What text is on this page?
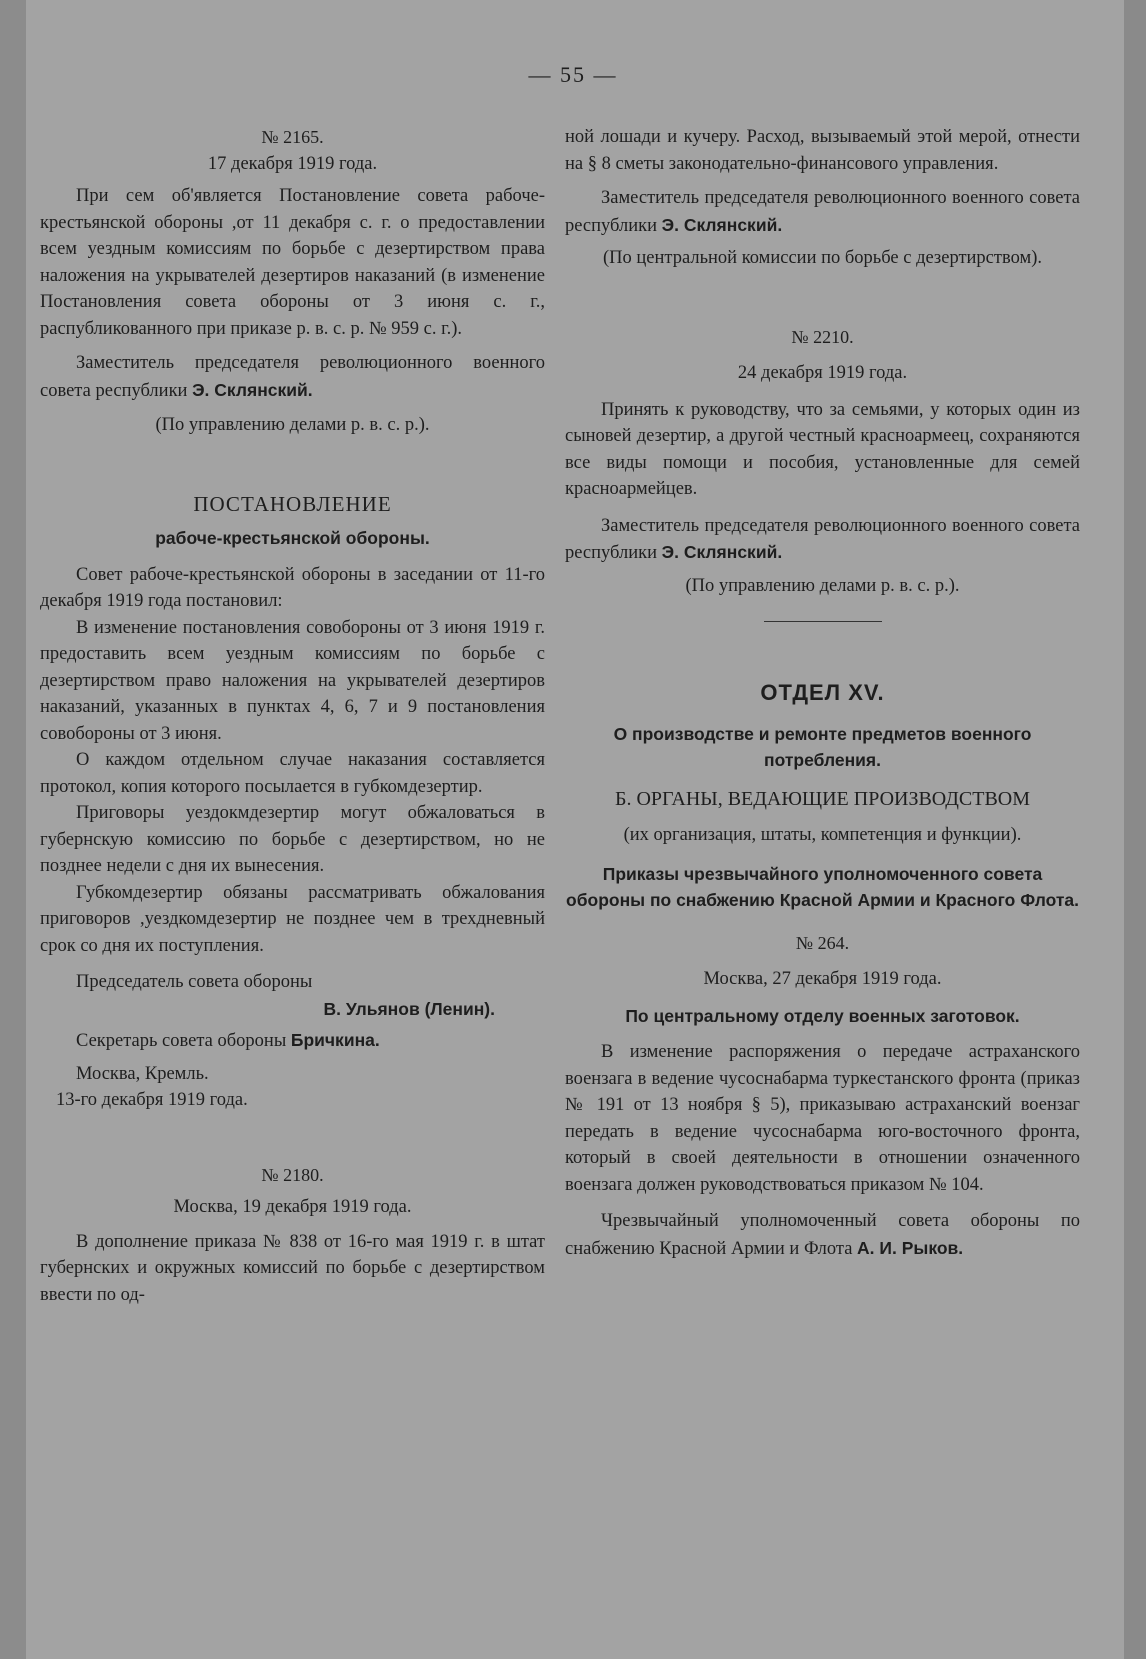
— 55 —

№ 2165.

17 декабря 1919 года.

При сем об'является Постановление совета рабоче-крестьянской обороны ,от 11 декабря с. г. о предоставлении всем уездным комиссиям по борьбе с дезертирством права наложения на укрывателей дезертиров наказаний (в изменение Постановления совета обороны от 3 июня с. г., распубликованного при приказе р. в. с. р. № 959 с. г.).

Заместитель председателя революционного военного совета республики Э. Склянский.

(По управлению делами р. в. с. р.).

ПОСТАНОВЛЕНИЕ

рабоче-крестьянской обороны.

Совет рабоче-крестьянской обороны в заседании от 11-го декабря 1919 года постановил:

В изменение постановления совобороны от 3 июня 1919 г. предоставить всем уездным комиссиям по борьбе с дезертирством право наложения на укрывателей дезертиров наказаний, указанных в пунктах 4, 6, 7 и 9 постановления совобороны от 3 июня.

О каждом отдельном случае наказания составляется протокол, копия которого посылается в губкомдезертир.

Приговоры уездокмдезертир могут обжаловаться в губернскую комиссию по борьбе с дезертирством, но не позднее недели с дня их вынесения.

Губкомдезертир обязаны рассматривать обжалования приговоров ,уездкомдезертир не позднее чем в трехдневный срок со дня их поступления.

Председатель совета обороны

В. Ульянов (Ленин).

Секретарь совета обороны Бричкина.

Москва, Кремль.

13-го декабря 1919 года.

№ 2180.

Москва, 19 декабря 1919 года.

В дополнение приказа № 838 от 16-го мая 1919 г. в штат губернских и окружных комиссий по борьбе с дезертирством ввести по од-

ной лошади и кучеру. Расход, вызываемый этой мерой, отнести на § 8 сметы законодательно-финансового управления.

Заместитель председателя революционного военного совета республики Э. Склянский.

(По центральной комиссии по борьбе с дезертирством).

№ 2210.

24 декабря 1919 года.

Принять к руководству, что за семьями, у которых один из сыновей дезертир, а другой честный красноармеец, сохраняются все виды помощи и пособия, установленные для семей красноармейцев.

Заместитель председателя революционного военного совета республики Э. Склянский.

(По управлению делами р. в. с. р.).

ОТДЕЛ XV.

О производстве и ремонте предметов военного потребления.

Б. ОРГАНЫ, ВЕДАЮЩИЕ ПРОИЗВОДСТВОМ

(их организация, штаты, компетенция и функции).

Приказы чрезвычайного уполномоченного совета обороны по снабжению Красной Армии и Красного Флота.

№ 264.

Москва, 27 декабря 1919 года.

По центральному отделу военных заготовок.

В изменение распоряжения о передаче астраханского воензага в ведение чусоснабарма туркестанского фронта (приказ № 191 от 13 ноября § 5), приказываю астраханский воензаг передать в ведение чусоснабарма юго-восточного фронта, который в своей деятельности в отношении означенного воензага должен руководствоваться приказом № 104.

Чрезвычайный уполномоченный совета обороны по снабжению Красной Армии и Флота А. И. Рыков.
